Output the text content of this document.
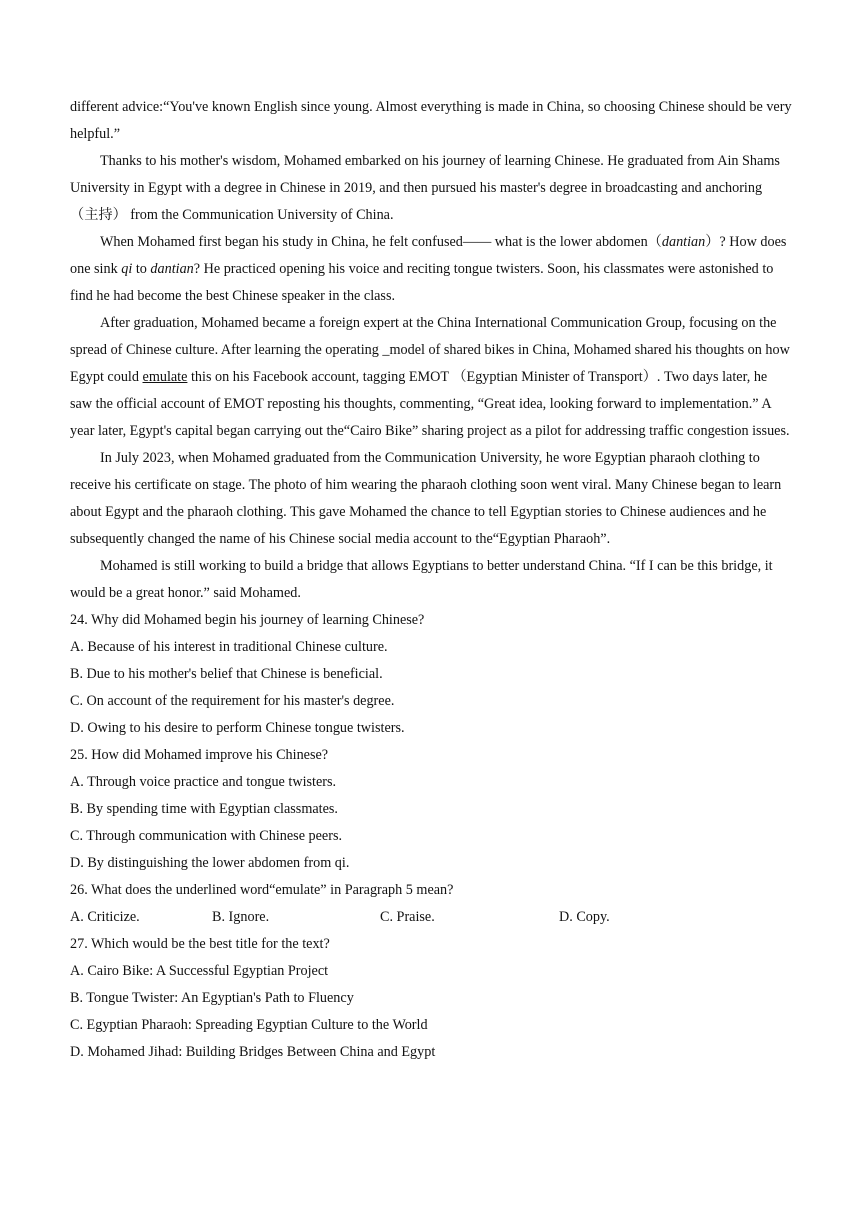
different advice:“You've known English since young. Almost everything is made in China, so choosing Chinese should be very helpful.”

Thanks to his mother's wisdom, Mohamed embarked on his journey of learning Chinese. He graduated from Ain Shams University in Egypt with a degree in Chinese in 2019, and then pursued his master's degree in broadcasting and anchoring （主持） from the Communication University of China.

When Mohamed first began his study in China, he felt confused—— what is the lower abdomen（dantian）? How does one sink qi to dantian? He practiced opening his voice and reciting tongue twisters. Soon, his classmates were astonished to find he had become the best Chinese speaker in the class.

After graduation, Mohamed became a foreign expert at the China International Communication Group, focusing on the spread of Chinese culture. After learning the operating _model of shared bikes in China, Mohamed shared his thoughts on how Egypt could emulate this on his Facebook account, tagging EMOT （Egyptian Minister of Transport）. Two days later, he saw the official account of EMOT reposting his thoughts, commenting, “Great idea, looking forward to implementation.” A year later, Egypt's capital began carrying out the“Cairo Bike” sharing project as a pilot for addressing traffic congestion issues.

In July 2023, when Mohamed graduated from the Communication University, he wore Egyptian pharaoh clothing to receive his certificate on stage. The photo of him wearing the pharaoh clothing soon went viral. Many Chinese began to learn about Egypt and the pharaoh clothing. This gave Mohamed the chance to tell Egyptian stories to Chinese audiences and he subsequently changed the name of his Chinese social media account to the“Egyptian Pharaoh”.

Mohamed is still working to build a bridge that allows Egyptians to better understand China. “If I can be this bridge, it would be a great honor.” said Mohamed.

24. Why did Mohamed begin his journey of learning Chinese?

A. Because of his interest in traditional Chinese culture.

B. Due to his mother's belief that Chinese is beneficial.

C. On account of the requirement for his master's degree.

D. Owing to his desire to perform Chinese tongue twisters.

25. How did Mohamed improve his Chinese?

A. Through voice practice and tongue twisters.

B. By spending time with Egyptian classmates.

C. Through communication with Chinese peers.

D. By distinguishing the lower abdomen from qi.

26. What does the underlined word“emulate” in Paragraph 5 mean?

A. Criticize.	B. Ignore.	C. Praise.	D. Copy.

27. Which would be the best title for the text?

A. Cairo Bike: A Successful Egyptian Project

B. Tongue Twister: An Egyptian's Path to Fluency

C. Egyptian Pharaoh: Spreading Egyptian Culture to the World

D. Mohamed Jihad: Building Bridges Between China and Egypt
